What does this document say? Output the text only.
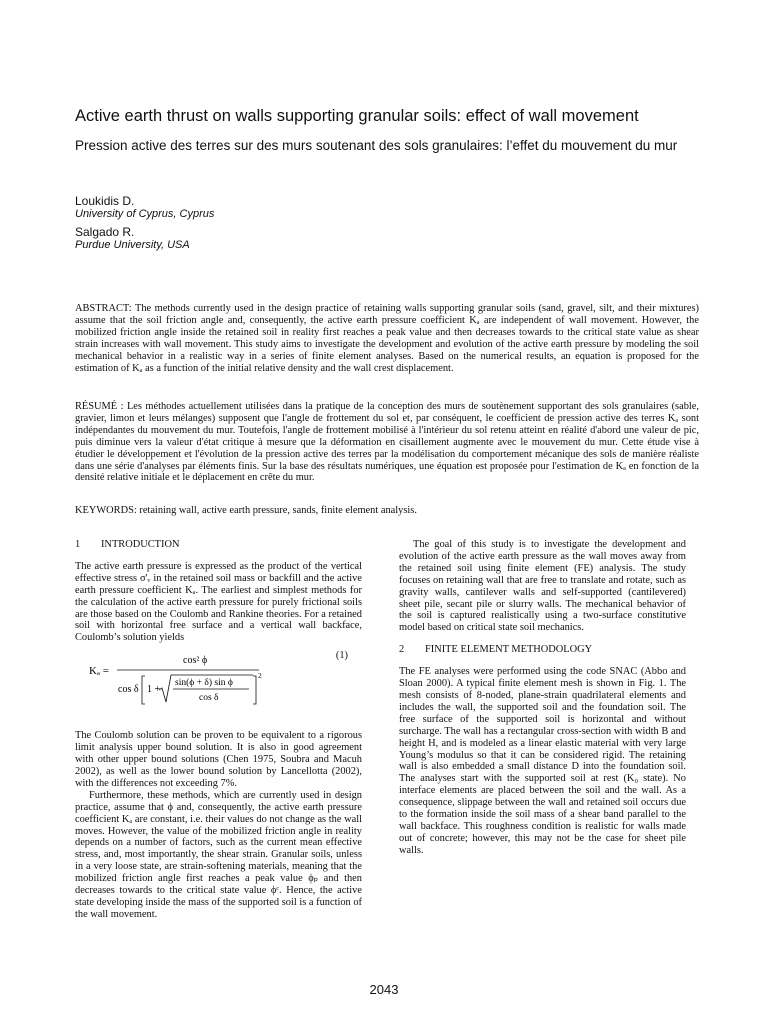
Active earth thrust on walls supporting granular soils: effect of wall movement
Pression active des terres sur des murs soutenant des sols granulaires: l’effet du mouvement du mur
Loukidis D.
University of Cyprus, Cyprus
Salgado R.
Purdue University, USA
ABSTRACT: The methods currently used in the design practice of retaining walls supporting granular soils (sand, gravel, silt, and their mixtures) assume that the soil friction angle and, consequently, the active earth pressure coefficient Kₐ are independent of wall movement. However, the mobilized friction angle inside the retained soil in reality first reaches a peak value and then decreases towards to the critical state value as shear strain increases with wall movement. This study aims to investigate the development and evolution of the active earth pressure by modeling the soil mechanical behavior in a realistic way in a series of finite element analyses. Based on the numerical results, an equation is proposed for the estimation of Kₐ as a function of the initial relative density and the wall crest displacement.
RÉSUMÉ : Les méthodes actuellement utilisées dans la pratique de la conception des murs de soutènement supportant des sols granulaires (sable, gravier, limon et leurs mélanges) supposent que l'angle de frottement du sol et, par conséquent, le coefficient de pression active des terres Kₐ sont indépendantes du mouvement du mur. Toutefois, l'angle de frottement mobilisé à l'intérieur du sol retenu atteint en réalité d'abord une valeur de pic, puis diminue vers la valeur d'état critique à mesure que la déformation en cisaillement augmente avec le mouvement du mur. Cette étude vise à étudier le développement et l'évolution de la pression active des terres par la modélisation du comportement mécanique des sols de manière réaliste dans une série d'analyses par éléments finis. Sur la base des résultats numériques, une équation est proposée pour l'estimation de Kₐ en fonction de la densité relative initiale et le déplacement en crête du mur.
KEYWORDS: retaining wall, active earth pressure, sands, finite element analysis.
1  INTRODUCTION

The active earth pressure is expressed as the product of the vertical effective stress σ'ᵥ in the retained soil mass or backfill and the active earth pressure coefficient Kₐ. The earliest and simplest methods for the calculation of the active earth pressure for purely frictional soils are those based on the Coulomb and Rankine theories. For a retained soil with horizontal free surface and a vertical wall backface, Coulomb’s solution yields

(1)
Kₐ =
cos² ϕ
cos δ 1 +
sin(ϕ + δ) sin ϕ
cos δ
2

The Coulomb solution can be proven to be equivalent to a rigorous limit analysis upper bound solution. It is also in good agreement with other upper bound solutions (Chen 1975, Soubra and Macuh 2002), as well as the lower bound solution by Lancellotta (2002), with the differences not exceeding 7%.

Furthermore, these methods, which are currently used in design practice, assume that ϕ and, consequently, the active earth pressure coefficient Kₐ are constant, i.e. their values do not change as the wall moves. However, the value of the mobilized friction angle in reality depends on a number of factors, such as the current mean effective stress, and, most importantly, the shear strain. Granular soils, unless in a very loose state, are strain-softening materials, meaning that the mobilized friction angle first reaches a peak value ϕₚ and then decreases towards to the critical state value ϕᶜ. Hence, the active state developing inside the mass of the supported soil is a function of the wall movement.

The goal of this study is to investigate the development and evolution of the active earth pressure as the wall moves away from the retained soil using finite element (FE) analysis. The study focuses on retaining wall that are free to translate and rotate, such as gravity walls, cantilever walls and self-supported (cantilevered) sheet pile, secant pile or slurry walls. The mechanical behavior of the soil is captured realistically using a two-surface constitutive model based on critical state soil mechanics.

2  FINITE ELEMENT METHODOLOGY

The FE analyses were performed using the code SNAC (Abbo and Sloan 2000). A typical finite element mesh is shown in Fig. 1. The mesh consists of 8-noded, plane-strain quadrilateral elements and includes the wall, the supported soil and the foundation soil. The free surface of the supported soil is horizontal and without surcharge. The wall has a rectangular cross-section with width B and height H, and is modeled as a linear elastic material with very large Young’s modulus so that it can be considered rigid. The retaining wall is also embedded a small distance D into the foundation soil. The analyses start with the supported soil at rest (K₀ state). No interface elements are placed between the soil and the wall. As a consequence, slippage between the wall and retained soil occurs due to the formation inside the soil mass of a shear band parallel to the wall backface. This roughness condition is realistic for walls made out of concrete; however, this may not be the case for sheet pile walls.

2043
